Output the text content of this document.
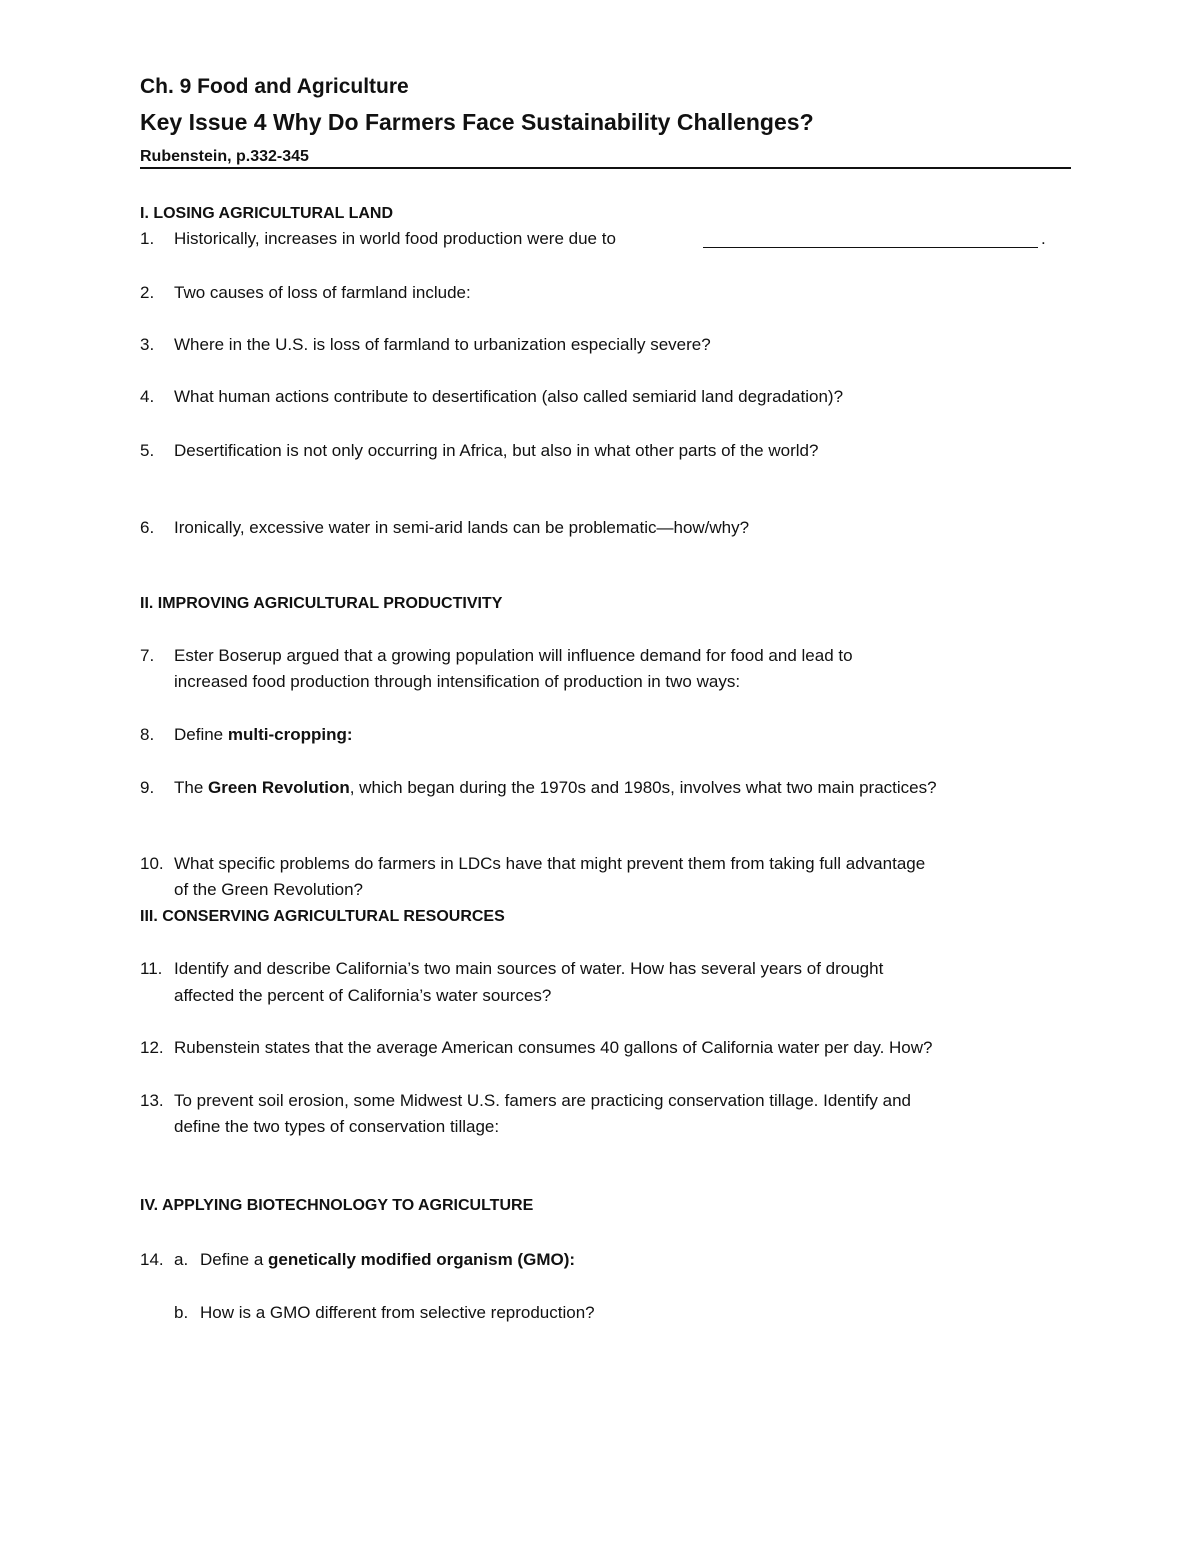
Ch. 9 Food and Agriculture
Key Issue 4 Why Do Farmers Face Sustainability Challenges?
Rubenstein, p.332-345
I. LOSING AGRICULTURAL LAND
1. Historically, increases in world food production were due to	.
2. Two causes of loss of farmland include:
3. Where in the U.S. is loss of farmland to urbanization especially severe?
4. What human actions contribute to desertification (also called semiarid land degradation)?
5. Desertification is not only occurring in Africa, but also in what other parts of the world?
6. Ironically, excessive water in semi-arid lands can be problematic—how/why?
II. IMPROVING AGRICULTURAL PRODUCTIVITY
7. Ester Boserup argued that a growing population will influence demand for food and lead to
increased food production through intensification of production in two ways:
8. Define multi-cropping:
9. The Green Revolution, which began during the 1970s and 1980s, involves what two main practices?
10. What specific problems do farmers in LDCs have that might prevent them from taking full advantage
of the Green Revolution?
III. CONSERVING AGRICULTURAL RESOURCES
11. Identify and describe California’s two main sources of water. How has several years of drought
affected the percent of California’s water sources?
12. Rubenstein states that the average American consumes 40 gallons of California water per day. How?
13. To prevent soil erosion, some Midwest U.S. famers are practicing conservation tillage. Identify and
define the two types of conservation tillage:
IV. APPLYING BIOTECHNOLOGY TO AGRICULTURE
14. a. Define a genetically modified organism (GMO):
b. How is a GMO different from selective reproduction?
